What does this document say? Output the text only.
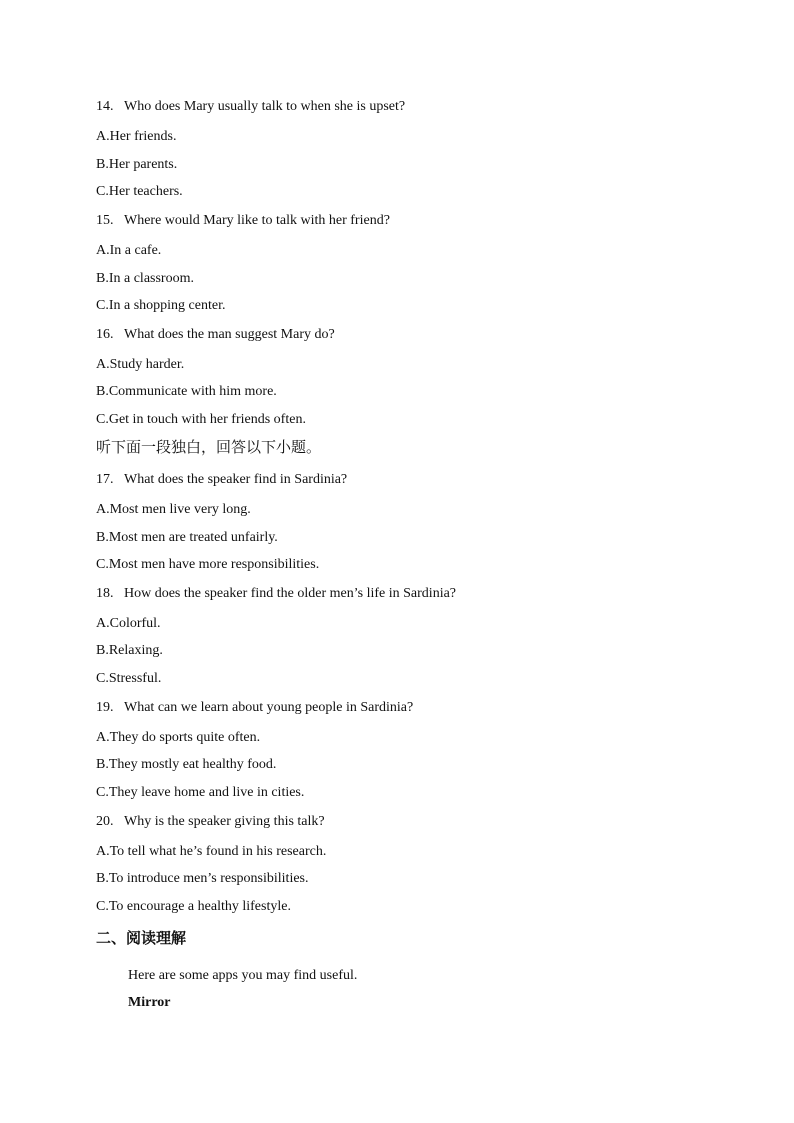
14. Who does Mary usually talk to when she is upset?
A.Her friends.
B.Her parents.
C.Her teachers.
15. Where would Mary like to talk with her friend?
A.In a cafe.
B.In a classroom.
C.In a shopping center.
16. What does the man suggest Mary do?
A.Study harder.
B.Communicate with him more.
C.Get in touch with her friends often.
听下面一段独白，回答以下小题。
17. What does the speaker find in Sardinia?
A.Most men live very long.
B.Most men are treated unfairly.
C.Most men have more responsibilities.
18. How does the speaker find the older men’s life in Sardinia?
A.Colorful.
B.Relaxing.
C.Stressful.
19. What can we learn about young people in Sardinia?
A.They do sports quite often.
B.They mostly eat healthy food.
C.They leave home and live in cities.
20. Why is the speaker giving this talk?
A.To tell what he’s found in his research.
B.To introduce men’s responsibilities.
C.To encourage a healthy lifestyle.
二、阅读理解
Here are some apps you may find useful.
Mirror
